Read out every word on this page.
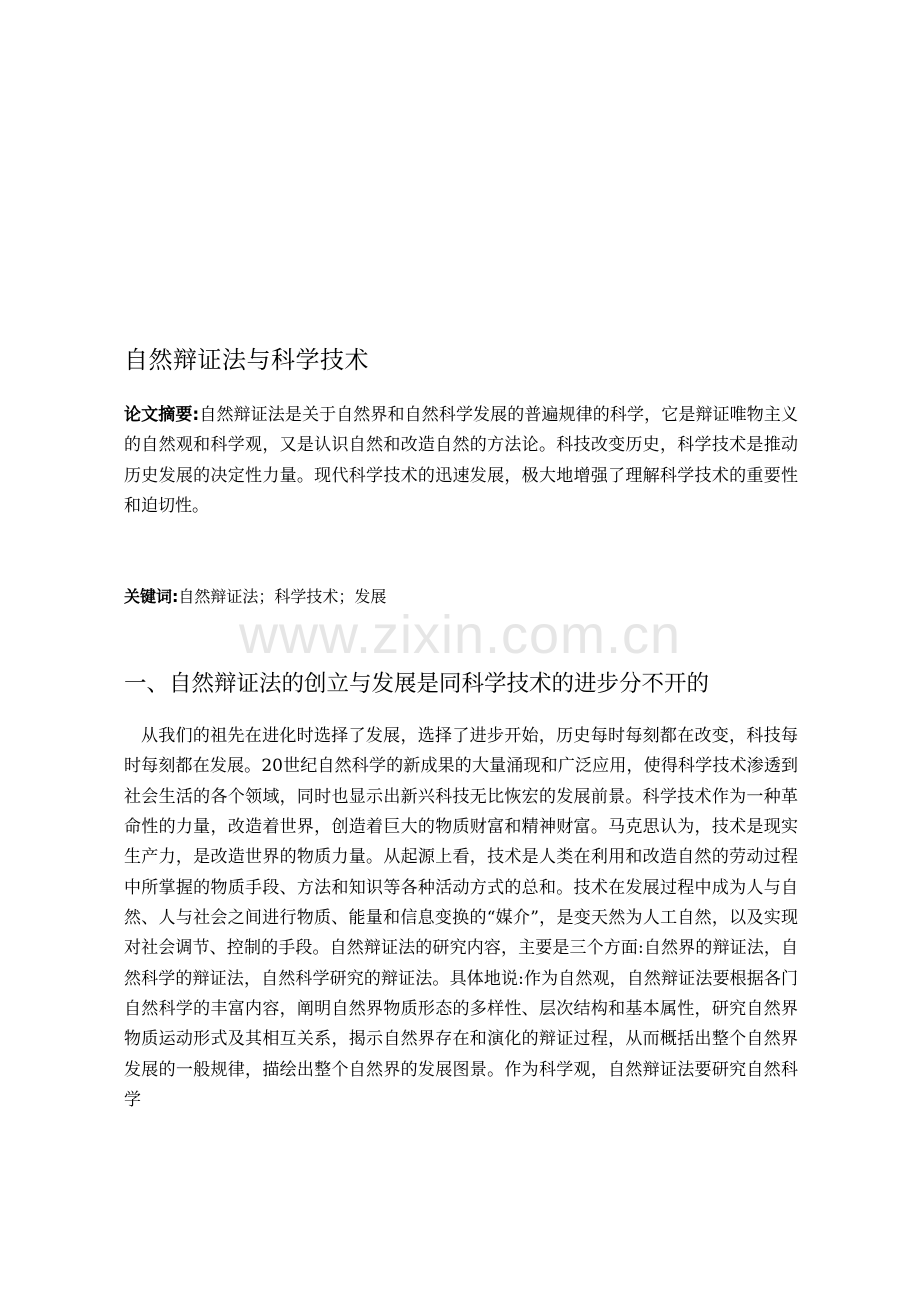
自然辩证法与科学技术

论文摘要:自然辩证法是关于自然界和自然科学发展的普遍规律的科学，它是辩证唯物主义的自然观和科学观，又是认识自然和改造自然的方法论。科技改变历史，科学技术是推动历史发展的决定性力量。现代科学技术的迅速发展，极大地增强了理解科学技术的重要性和迫切性。

关键词:自然辩证法；科学技术；发展

www.zixin.com.cn
一、自然辩证法的创立与发展是同科学技术的进步分不开的

从我们的祖先在进化时选择了发展，选择了进步开始，历史每时每刻都在改变，科技每时每刻都在发展。20世纪自然科学的新成果的大量涌现和广泛应用，使得科学技术渗透到社会生活的各个领域，同时也显示出新兴科技无比恢宏的发展前景。科学技术作为一种革命性的力量，改造着世界，创造着巨大的物质财富和精神财富。马克思认为，技术是现实生产力，是改造世界的物质力量。从起源上看，技术是人类在利用和改造自然的劳动过程中所掌握的物质手段、方法和知识等各种活动方式的总和。技术在发展过程中成为人与自然、人与社会之间进行物质、能量和信息变换的“媒介”，是变天然为人工自然，以及实现对社会调节、控制的手段。自然辩证法的研究内容，主要是三个方面:自然界的辩证法，自然科学的辩证法，自然科学研究的辩证法。具体地说:作为自然观，自然辩证法要根据各门自然科学的丰富内容，阐明自然界物质形态的多样性、层次结构和基本属性，研究自然界物质运动形式及其相互关系，揭示自然界存在和演化的辩证过程，从而概括出整个自然界发展的一般规律，描绘出整个自然界的发展图景。作为科学观，自然辩证法要研究自然科学
